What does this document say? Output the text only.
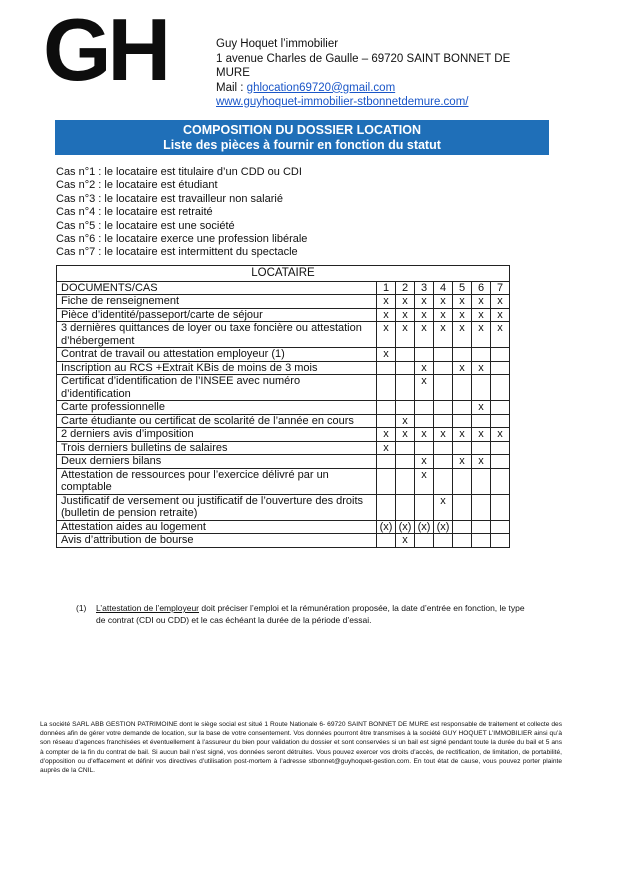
GH	Guy Hoquet l’immobilier
1 avenue Charles de Gaulle – 69720 SAINT BONNET DE MURE
Mail : ghlocation69720@gmail.com
www.guyhoquet-immobilier-stbonnetdemure.com/
COMPOSITION DU DOSSIER LOCATION
Liste des pièces à fournir en fonction du statut
Cas n°1 : le locataire est titulaire d’un CDD ou CDI
Cas n°2 : le locataire est étudiant
Cas n°3 : le locataire est travailleur non salarié
Cas n°4 : le locataire est retraité
Cas n°5 : le locataire est une société
Cas n°6 : le locataire exerce une profession libérale
Cas n°7 : le locataire est intermittent du spectacle
LOCATAIRE							
DOCUMENTS/CAS	1	2	3	4	5	6	7
Fiche de renseignement	x	x	x	x	x	x	x
Pièce d’identité/passeport/carte de séjour	x	x	x	x	x	x	x
3 dernières quittances de loyer ou taxe foncière ou attestation d’hébergement	x	x	x	x	x	x	x
Contrat de travail ou attestation employeur (1)	x						
Inscription au RCS +Extrait KBis de moins de 3 mois			x		x	x	
Certificat d’identification de l’INSEE avec numéro d’identification			x				
Carte professionnelle						x	
Carte étudiante ou certificat de scolarité de l’année en cours		x					
2 derniers avis d’imposition	x	x	x	x	x	x	x
Trois derniers bulletins de salaires	x						
Deux derniers bilans			x		x	x	
Attestation de ressources pour l’exercice délivré par un comptable			x				
Justificatif de versement ou justificatif de l’ouverture des droits (bulletin de pension retraite)				x			
Attestation aides au logement	(x)	(x)	(x)	(x)			
Avis d’attribution de bourse		x					
(1) L’attestation de l’employeur doit préciser l’emploi et la rémunération proposée, la date d’entrée en fonction, le type de contrat (CDI ou CDD) et le cas échéant la durée de la période d’essai.
La société SARL ABB GESTION PATRIMOINE dont le siège social est situé 1 Route Nationale 6- 69720 SAINT BONNET DE MURE est responsable de traitement et collecte des données afin de gérer votre demande de location, sur la base de votre consentement. Vos données pourront être transmises à la société GUY HOQUET L’IMMOBILIER ainsi qu’à son réseau d’agences franchisées et éventuellement à l’assureur du bien pour validation du dossier et sont conservées si un bail est signé pendant toute la durée du bail et 5 ans à compter de la fin du contrat de bail. Si aucun bail n’est signé, vos données seront détruites. Vous pouvez exercer vos droits d’accès, de rectification, de limitation, de portabilité, d’opposition ou d’effacement et définir vos directives d’utilisation post-mortem à l’adresse stbonnet@guyhoquet-gestion.com. En tout état de cause, vous pouvez porter plainte auprès de la CNIL.
